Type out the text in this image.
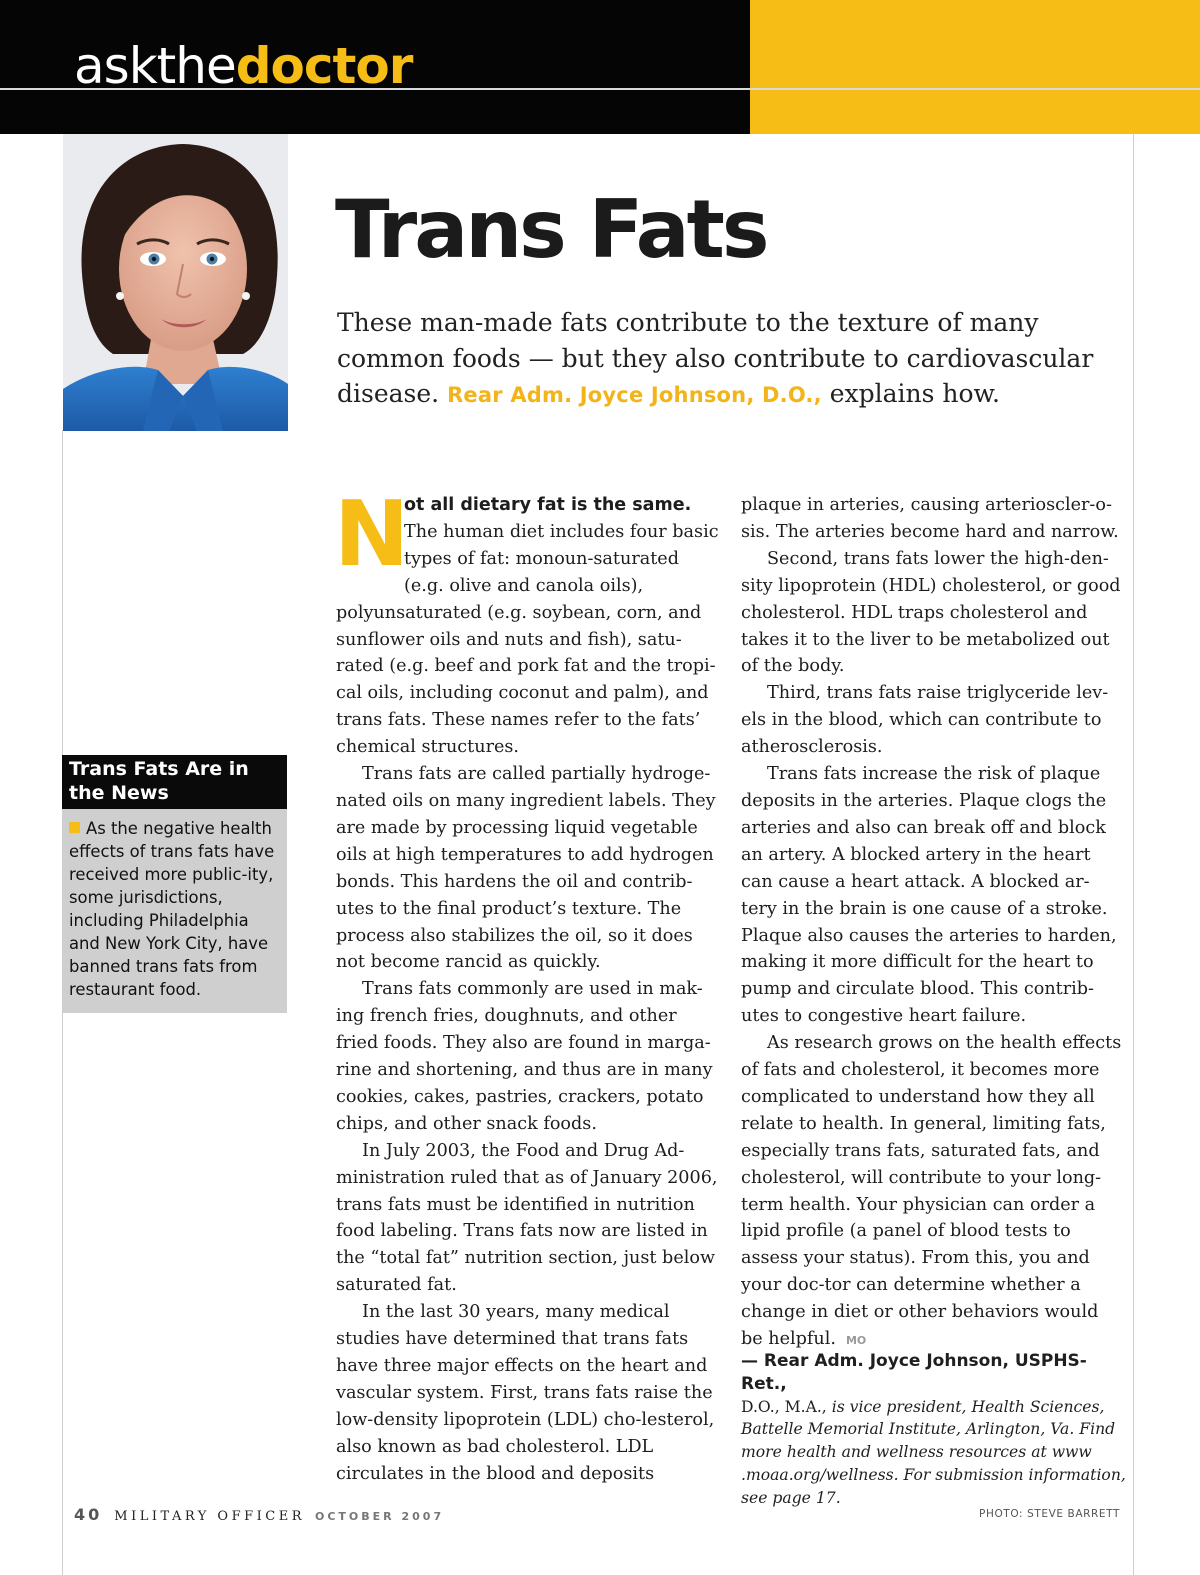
askthedoctor
Trans Fats

These man-made fats contribute to the texture of many common foods — but they also contribute to cardiovascular disease. Rear Adm. Joyce Johnson, D.O., explains how.

Trans Fats Are in the News
As the negative health effects of trans fats have received more public-ity, some jurisdictions, including Philadelphia and New York City, have banned trans fats from restaurant food.

N
ot all dietary fat is the same. The human diet includes four basic types of fat: monoun-saturated (e.g. olive and canola oils), polyunsaturated (e.g. soybean, corn, and sunflower oils and nuts and fish), satu-rated (e.g. beef and pork fat and the tropi-cal oils, including coconut and palm), and trans fats. These names refer to the fats’ chemical structures.

Trans fats are called partially hydroge-nated oils on many ingredient labels. They are made by processing liquid vegetable oils at high temperatures to add hydrogen bonds. This hardens the oil and contrib-utes to the final product’s texture. The process also stabilizes the oil, so it does not become rancid as quickly.

Trans fats commonly are used in mak-ing french fries, doughnuts, and other fried foods. They also are found in marga-rine and shortening, and thus are in many cookies, cakes, pastries, crackers, potato chips, and other snack foods.

In July 2003, the Food and Drug Ad-ministration ruled that as of January 2006, trans fats must be identified in nutrition food labeling. Trans fats now are listed in the “total fat” nutrition section, just below saturated fat.

In the last 30 years, many medical studies have determined that trans fats have three major effects on the heart and vascular system. First, trans fats raise the low-density lipoprotein (LDL) cho-lesterol, also known as bad cholesterol. LDL circulates in the blood and deposits

plaque in arteries, causing arterioscler-o-sis. The arteries become hard and narrow.

Second, trans fats lower the high-den-sity lipoprotein (HDL) cholesterol, or good cholesterol. HDL traps cholesterol and takes it to the liver to be metabolized out of the body.

Third, trans fats raise triglyceride lev-els in the blood, which can contribute to atherosclerosis.

Trans fats increase the risk of plaque deposits in the arteries. Plaque clogs the arteries and also can break off and block an artery. A blocked artery in the heart can cause a heart attack. A blocked ar-tery in the brain is one cause of a stroke. Plaque also causes the arteries to harden, making it more difficult for the heart to pump and circulate blood. This contrib-utes to congestive heart failure.

As research grows on the health effects of fats and cholesterol, it becomes more complicated to understand how they all relate to health. In general, limiting fats, especially trans fats, saturated fats, and cholesterol, will contribute to your long-term health. Your physician can order a lipid profile (a panel of blood tests to assess your status). From this, you and your doc-tor can determine whether a change in diet or other behaviors would be helpful. MO

— Rear Adm. Joyce Johnson, USPHS-Ret.,
D.O., M.A., is vice president, Health Sciences, Battelle Memorial Institute, Arlington, Va. Find more health and wellness resources at www .moaa.org/wellness. For submission information, see page 17.
40 MILITARY OFFICER OCTOBER 2007	PHOTO: STEVE BARRETT
